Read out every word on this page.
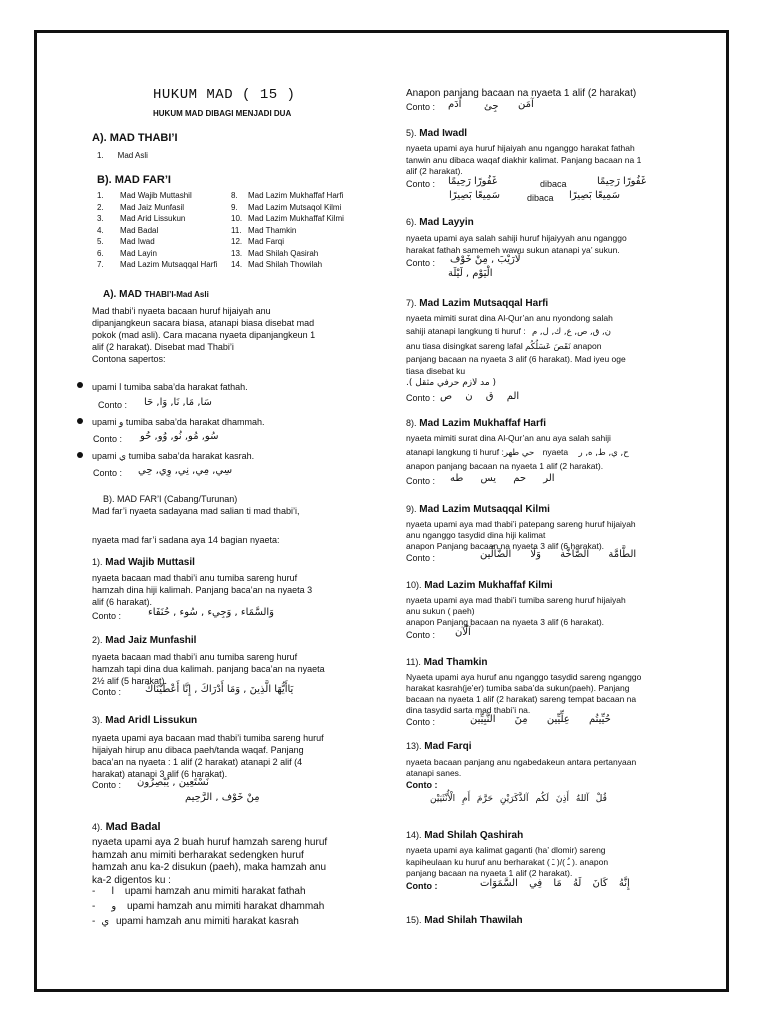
HUKUM MAD ( 15 )
HUKUM MAD DIBAGI MENJADI DUA
A). MAD THABI’I
1. Mad Asli
B). MAD FAR’I
1. Mad Wajib Muttashil
2. Mad Jaiz Munfasil
3. Mad Arid Lissukun
4. Mad Badal
5. Mad Iwad
6. Mad Layin
7. Mad Lazim Mutsaqqal Harfi
8. Mad Lazim Mukhaffaf Harfi
9. Mad Lazim Mutsaqol Kilmi
10. Mad Lazim Mukhaffaf Kilmi
11. Mad Thamkin
12. Mad Farqi
13. Mad Shilah Qasirah
14. Mad Shilah Thowilah
A). MAD THABI’I-Mad Asli
Mad thabi’i nyaeta bacaan huruf hijaiyah anu
dipanjangkeun sacara biasa, atanapi biasa disebat mad
pokok (mad asli). Cara macana nyaeta dipanjangkeun 1
alif (2 harakat). Disebat mad Thabi’i
Contona sapertos:
upami ا tumiba saba’da harakat fathah.
Conto : سَا, مَا, نَا, وَا, حَا
upami و tumiba saba’da harakat dhammah.
Conto : سُو, مُو, نُو, وُو, حُو
upami ي tumiba saba’da harakat kasrah.
Conto : سِي, مِي, نِي, وِي, حِي
B). MAD FAR’I (Cabang/Turunan)
Mad far’i nyaeta sadayana mad salian ti mad thabi’i,
nyaeta mad far’i sadana aya 14 bagian nyaeta:
1). Mad Wajib Muttasil
nyaeta bacaan mad thabi’i anu tumiba sareng huruf
hamzah dina hiji kalimah. Panjang baca’an na nyaeta 3
alif (6 harakat).
Conto :	وَالسَّمَاء , وَجِيء , سُوء , حُنَفَاء
2). Mad Jaiz Munfashil
nyaeta bacaan mad thabi’i anu tumiba sareng huruf
hamzah tapi dina dua kalimah. panjang baca’an na nyaeta
2½ alif (5 harakat).
Conto : يَاأَيُّهَا الَّذِينَ , وَمَا أَدْرَاكَ , إِنَّا أَعْطَيْنَاكَ
3). Mad Aridl Lissukun
nyaeta upami aya bacaan mad thabi’i tumiba sareng huruf
hijaiyah hirup anu dibaca paeh/tanda waqaf. Panjang
baca’an na nyaeta : 1 alif (2 harakat) atanapi 2 alif (4
harakat) atanapi 3 alif (6 harakat).
Conto : نَسْتَعِين , يُبْصِرُون
مِنْ خَوْف , الرَّحِيم
4). Mad Badal
nyaeta upami aya 2 buah huruf hamzah sareng huruf
hamzah anu mimiti berharakat sedengken huruf
hamzah anu ka-2 disukun (paeh), maka hamzah anu
ka-2 digentos ku :
- ا upami hamzah anu mimiti harakat fathah
- و upami hamzah anu mimiti harakat dhammah
- ي upami hamzah anu mimiti harakat kasrah
Anapon panjang bacaan na nyaeta 1 alif (2 harakat)
Conto : آدَم جِئ آمَن
5). Mad Iwadl
nyaeta upami aya huruf hijaiyah anu nganggo harakat fathah
tanwin anu dibaca waqaf diakhir kalimat. Panjang bacaan na 1
alif (2 harakat).
Conto : غَفُورًا رَحِيمًا	dibaca	غَفُورًا رَحِيمًا
سَمِيعًا بَصِيرًا	dibaca سَمِيعًا بَصِيرًا
6). Mad Layyin
nyaeta upami aya salah sahiji huruf hijaiyyah anu nganggo
harakat fathah samemeh wawu sukun atanapi ya’ sukun.
Conto : لَارَيْبَ , مِنْ خَوْف
الْيَوْم , لَيْلَة
7). Mad Lazim Mutsaqqal Harfi
nyaeta mimiti surat dina Al-Qur’an anu nyondong salah
sahiji atanapi langkung ti huruf : ن, ق, ص, ع, ك, ل, م
anu tiasa disingkat sareng lafal نَقَصَ عَسَلُكُم anapon
panjang bacaan na nyaeta 3 alif (6 harakat). Mad iyeu oge
tiasa disebat ku
( مد لازم حرفي مثقل ).
Conto : الم ق ن ص
8). Mad Lazim Mukhaffaf Harfi
nyaeta mimiti surat dina Al-Qur’an anu aya salah sahiji
atanapi langkung ti huruf :حي طهر nyaeta ح, ي, ط, ه, ر
anapon panjang bacaan na nyaeta 1 alif (2 harakat).
Conto : الر حم يس طه
9). Mad Lazim Mutsaqqal Kilmi
nyaeta upami aya mad thabi’i patepang sareng huruf hijaiyah
anu nganggo tasydid dina hiji kalimat
anapon Panjang bacaan na nyaeta 3 alif (6 harakat).
Conto :	الطَّامَّة الصَّاخَّة وَلَا الضَّالِّين
10). Mad Lazim Mukhaffaf Kilmi
nyaeta upami aya mad thabi’i tumiba sareng huruf hijaiyah
anu sukun ( paeh)
anapon Panjang bacaan na nyaeta 3 alif (6 harakat).
Conto : آلْآن
11). Mad Thamkin
Nyaeta upami aya huruf anu nganggo tasydid sareng nganggo
harakat kasrah(je’er) tumiba saba’da sukun(paeh). Panjang
bacaan na nyaeta 1 alif (2 harakat) sareng tempat bacaan na
dina tasydid sarta mad thabi’i na.
Conto :	حُيِّيتُم عِلِّيِّين مِنَ النَّبِيِّين
13). Mad Farqi
nyaeta bacaan panjang anu ngabedakeun antara pertanyaan
atanapi sanes.
Conto :
قُلْ آللهُ أَذِنَ لَكُم آلذَّكَرَيْنِ حَرَّمَ أَمِ الْأُنْثَيَيْن
14). Mad Shilah Qashirah
nyaeta upami aya kalimat gaganti (ha’ dlomir) sareng
kapiheulaan ku huruf anu berharakat ( ـَ )/( ـُ ). anapon
panjang bacaan na nyaeta 1 alif (2 harakat).
Conto :	إِنَّهُ كَانَ لَهُ مَا فِي السَّمَوَات
15). Mad Shilah Thawilah
